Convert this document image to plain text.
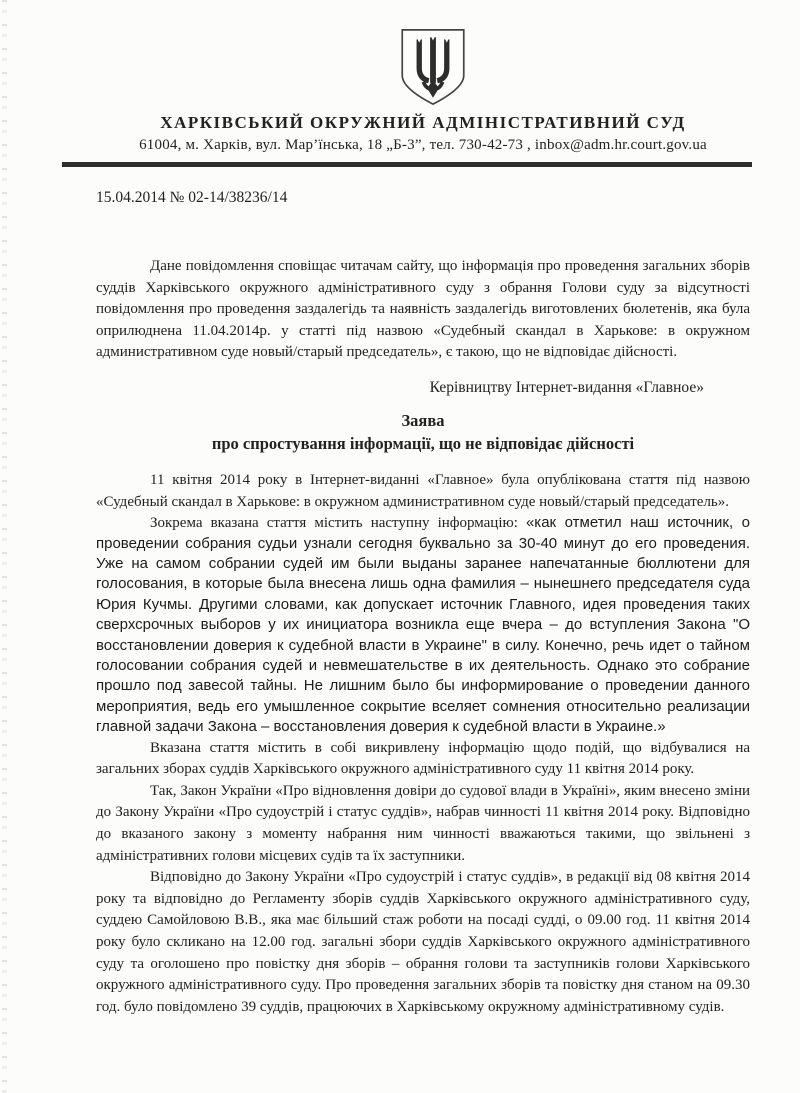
ХАРКІВСЬКИЙ ОКРУЖНИЙ АДМІНІСТРАТИВНИЙ СУД
61004, м. Харків, вул. Мар’їнська, 18 „Б-3”, тел. 730-42-73 , inbox@adm.hr.court.gov.ua
15.04.2014 № 02-14/38236/14

Дане повідомлення сповіщає читачам сайту, що інформація про проведення загальних зборів суддів Харківського окружного адміністративного суду з обрання Голови суду за відсутності повідомлення про проведення заздалегідь та наявність заздалегідь виготовлених бюлетенів, яка була оприлюднена 11.04.2014р. у статті під назвою «Судебный скандал в Харькове: в окружном административном суде новый/старый председатель», є такою, що не відповідає дійсності.

Керівництву Інтернет-видання «Главное»
Заява
про спростування інформації, що не відповідає дійсності

11 квітня 2014 року в Інтернет-виданні «Главное» була опублікована стаття під назвою «Судебный скандал в Харькове: в окружном административном суде новый/старый председатель».

Зокрема вказана стаття містить наступну інформацію: «как отметил наш источник, о проведении собрания судьи узнали сегодня буквально за 30-40 минут до его проведения. Уже на самом собрании судей им были выданы заранее напечатанные бюллютени для голосования, в которые была внесена лишь одна фамилия – нынешнего председателя суда Юрия Кучмы. Другими словами, как допускает источник Главного, идея проведения таких сверхсрочных выборов у их инициатора возникла еще вчера – до вступления Закона "О восстановлении доверия к судебной власти в Украине" в силу. Конечно, речь идет о тайном голосовании собрания судей и невмешательстве в их деятельность. Однако это собрание прошло под завесой тайны. Не лишним было бы информирование о проведении данного мероприятия, ведь его умышленное сокрытие вселяет сомнения относительно реализации главной задачи Закона – восстановления доверия к судебной власти в Украине.»

Вказана стаття містить в собі викривлену інформацію щодо подій, що відбувалися на загальних зборах суддів Харківського окружного адміністративного суду 11 квітня 2014 року.

Так, Закон України «Про відновлення довіри до судової влади в Україні», яким внесено зміни до Закону України «Про судоустрій і статус суддів», набрав чинності 11 квітня 2014 року. Відповідно до вказаного закону з моменту набрання ним чинності вважаються такими, що звільнені з адміністративних голови місцевих судів та їх заступники.

Відповідно до Закону України «Про судоустрій і статус суддів», в редакції від 08 квітня 2014 року та відповідно до Регламенту зборів суддів Харківського окружного адміністративного суду, суддею Самойловою В.В., яка має більший стаж роботи на посаді судді, о 09.00 год. 11 квітня 2014 року було скликано на 12.00 год. загальні збори суддів Харківського окружного адміністративного суду та оголошено про повістку дня зборів – обрання голови та заступників голови Харківського окружного адміністративного суду. Про проведення загальних зборів та повістку дня станом на 09.30 год. було повідомлено 39 суддів, працюючих в Харківському окружному адміністративному судів.
